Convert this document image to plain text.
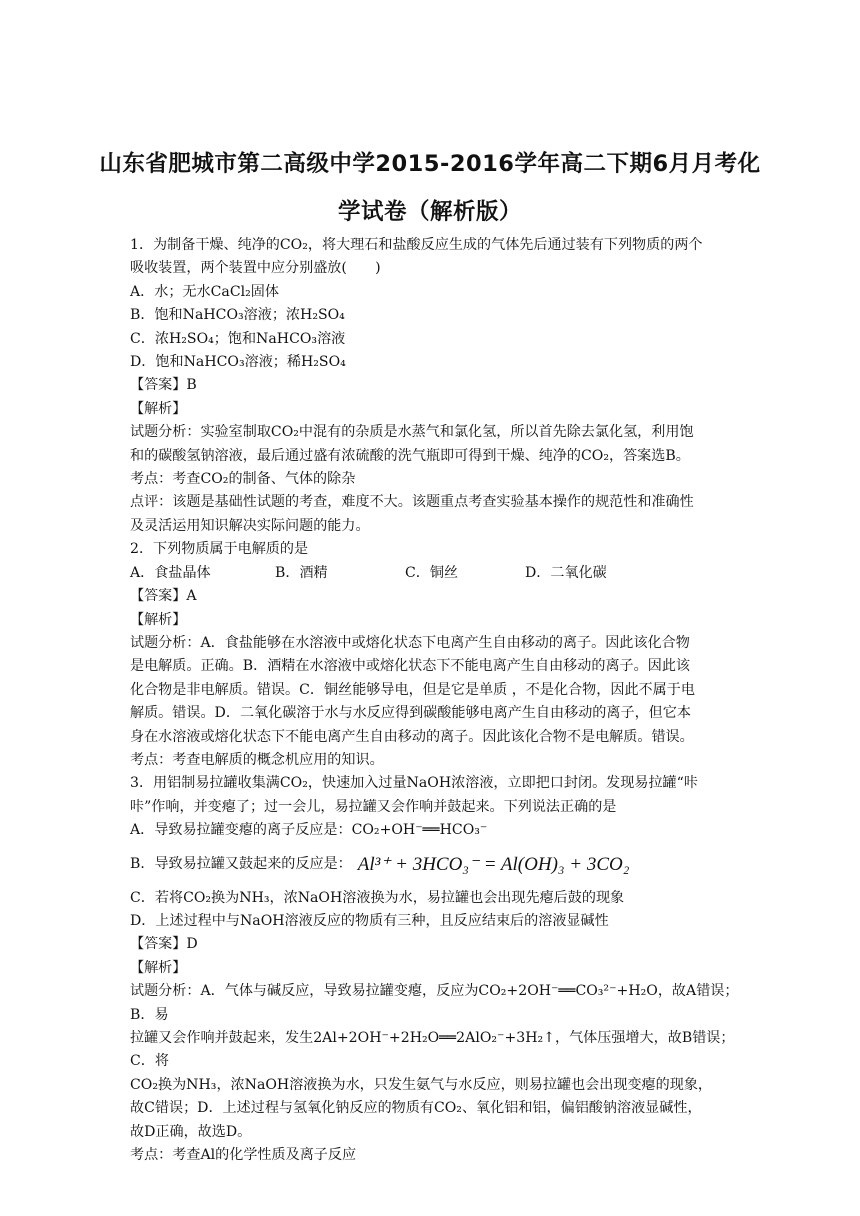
山东省肥城市第二高级中学2015-2016学年高二下期6月月考化
学试卷（解析版）

1．为制备干燥、纯净的CO₂，将大理石和盐酸反应生成的气体先后通过装有下列物质的两个

吸收装置，两个装置中应分别盛放(　　)

A．水；无水CaCl₂固体

B．饱和NaHCO₃溶液；浓H₂SO₄

C．浓H₂SO₄；饱和NaHCO₃溶液

D．饱和NaHCO₃溶液；稀H₂SO₄

【答案】B

【解析】

试题分析：实验室制取CO₂中混有的杂质是水蒸气和氯化氢，所以首先除去氯化氢，利用饱

和的碳酸氢钠溶液，最后通过盛有浓硫酸的洗气瓶即可得到干燥、纯净的CO₂，答案选B。

考点：考查CO₂的制备、气体的除杂

点评：该题是基础性试题的考查，难度不大。该题重点考查实验基本操作的规范性和准确性

及灵活运用知识解决实际问题的能力。

2．下列物质属于电解质的是

A．食盐晶体	B．酒精	C．铜丝	D．二氧化碳

【答案】A

【解析】

试题分析：A．食盐能够在水溶液中或熔化状态下电离产生自由移动的离子。因此该化合物

是电解质。正确。B．酒精在水溶液中或熔化状态下不能电离产生自由移动的离子。因此该

化合物是非电解质。错误。C．铜丝能够导电，但是它是单质 ，不是化合物，因此不属于电

解质。错误。D．二氧化碳溶于水与水反应得到碳酸能够电离产生自由移动的离子，但它本

身在水溶液或熔化状态下不能电离产生自由移动的离子。因此该化合物不是电解质。错误。

考点：考查电解质的概念机应用的知识。

3．用铝制易拉罐收集满CO₂，快速加入过量NaOH浓溶液，立即把口封闭。发现易拉罐“咔

咔”作响，并变瘪了；过一会儿，易拉罐又会作响并鼓起来。下列说法正确的是

A．导致易拉罐变瘪的离子反应是：CO₂+OH⁻══HCO₃⁻

B．导致易拉罐又鼓起来的反应是： Al³⁺ + 3HCO₃⁻ = Al(OH)₃ + 3CO₂

C．若将CO₂换为NH₃，浓NaOH溶液换为水，易拉罐也会出现先瘪后鼓的现象

D．上述过程中与NaOH溶液反应的物质有三种，且反应结束后的溶液显碱性

【答案】D

【解析】

试题分析：A．气体与碱反应，导致易拉罐变瘪，反应为CO₂+2OH⁻══CO₃²⁻+H₂O，故A错误；B．易

拉罐又会作响并鼓起来，发生2Al+2OH⁻+2H₂O══2AlO₂⁻+3H₂↑，气体压强增大，故B错误；C．将

CO₂换为NH₃，浓NaOH溶液换为水，只发生氨气与水反应，则易拉罐也会出现变瘪的现象，

故C错误；D．上述过程与氢氧化钠反应的物质有CO₂、氧化铝和铝，偏铝酸钠溶液显碱性，

故D正确，故选D。

考点：考查Al的化学性质及离子反应
